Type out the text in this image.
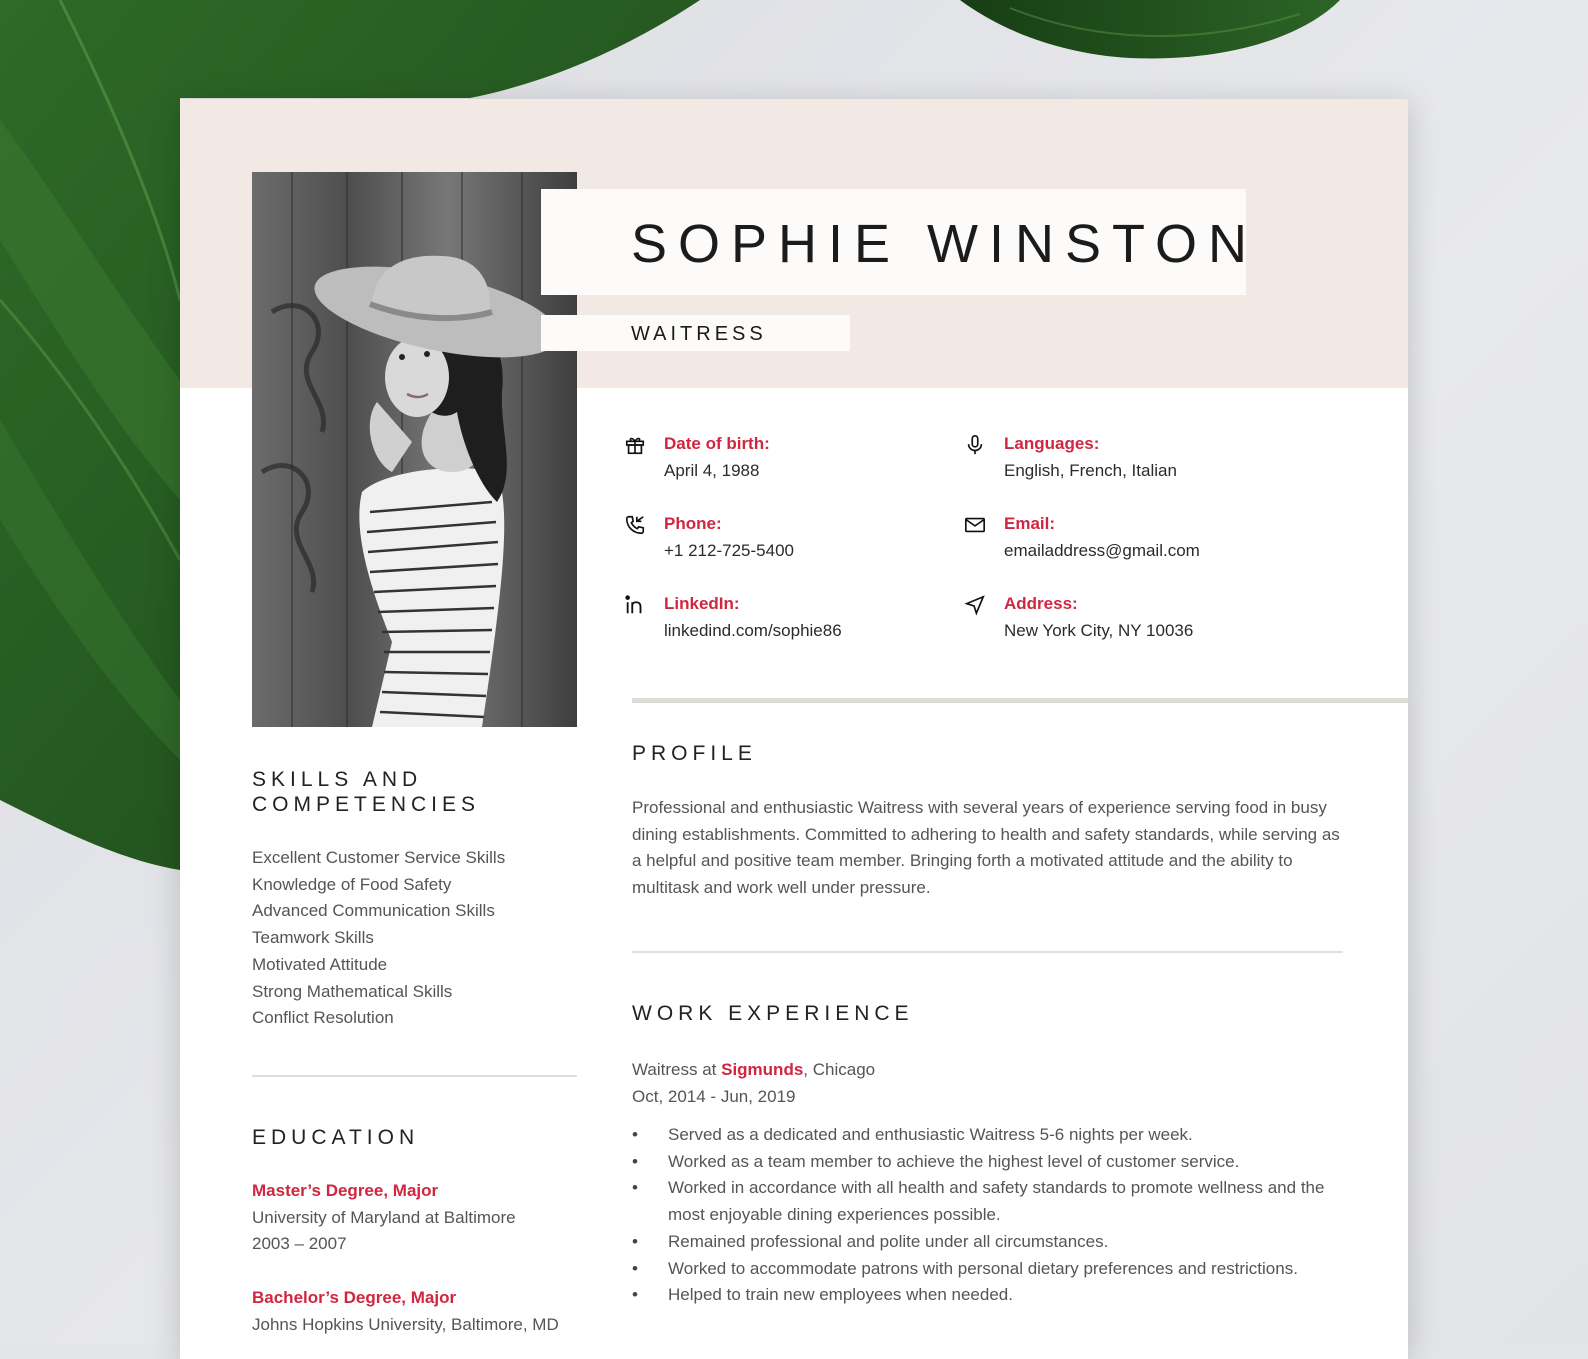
SOPHIE WINSTON
WAITRESS
Date of birth:
April 4, 1988
Languages:
English, French, Italian
Phone:
+1 212-725-5400
Email:
emailaddress@gmail.com
LinkedIn:
linkedind.com/sophie86
Address:
New York City, NY 10036
PROFILE
Professional and enthusiastic Waitress with several years of experience serving food in busy dining establishments. Committed to adhering to health and safety standards, while serving as a helpful and positive team member. Bringing forth a motivated attitude and the ability to multitask and work well under pressure.
WORK EXPERIENCE
Waitress at Sigmunds, Chicago
Oct, 2014 - Jun, 2019
• Served as a dedicated and enthusiastic Waitress 5-6 nights per week.
• Worked as a team member to achieve the highest level of customer service.
• Worked in accordance with all health and safety standards to promote wellness and the most enjoyable dining experiences possible.
• Remained professional and polite under all circumstances.
• Worked to accommodate patrons with personal dietary preferences and restrictions.
• Helped to train new employees when needed.
SKILLS AND
COMPETENCIES
Excellent Customer Service Skills
Knowledge of Food Safety
Advanced Communication Skills
Teamwork Skills
Motivated Attitude
Strong Mathematical Skills
Conflict Resolution
EDUCATION
Master’s Degree, Major
University of Maryland at Baltimore
2003 – 2007
Bachelor’s Degree, Major
Johns Hopkins University, Baltimore, MD
